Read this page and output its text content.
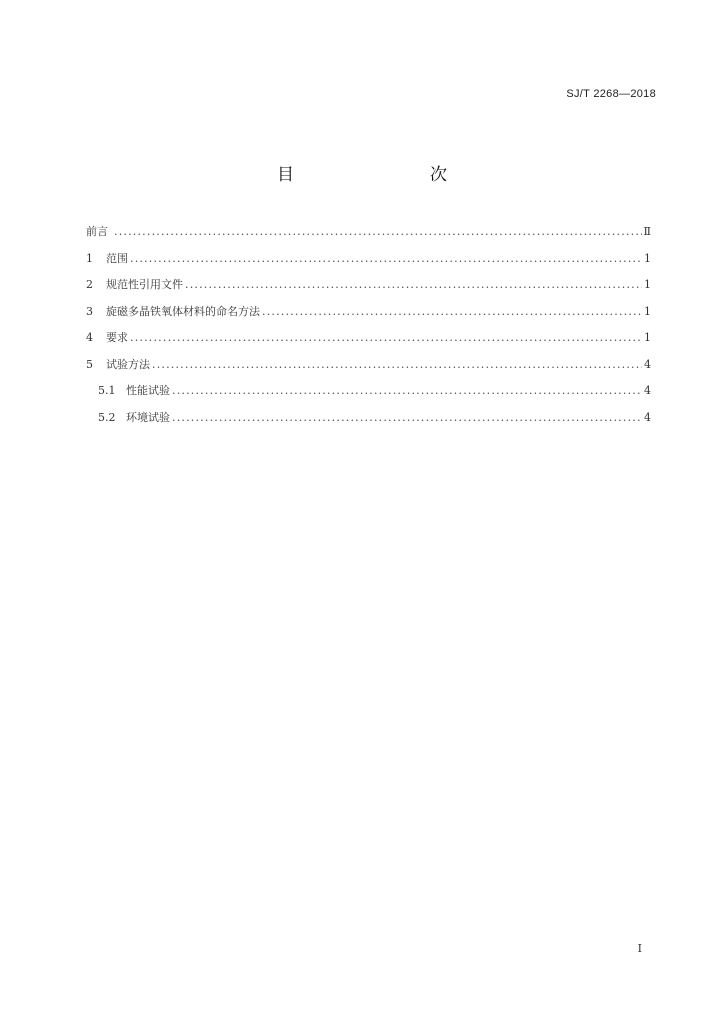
SJ/T 2268—2018
目　　次
前言 .....	Ⅱ
1	范围 .....	1
2	规范性引用文件 .....	1
3	旋磁多晶铁氧体材料的命名方法 .....	1
4	要求 .....	1
5	试验方法 .....	4
5.1 性能试验 .....	4
5.2 环境试验 .....	4
I
